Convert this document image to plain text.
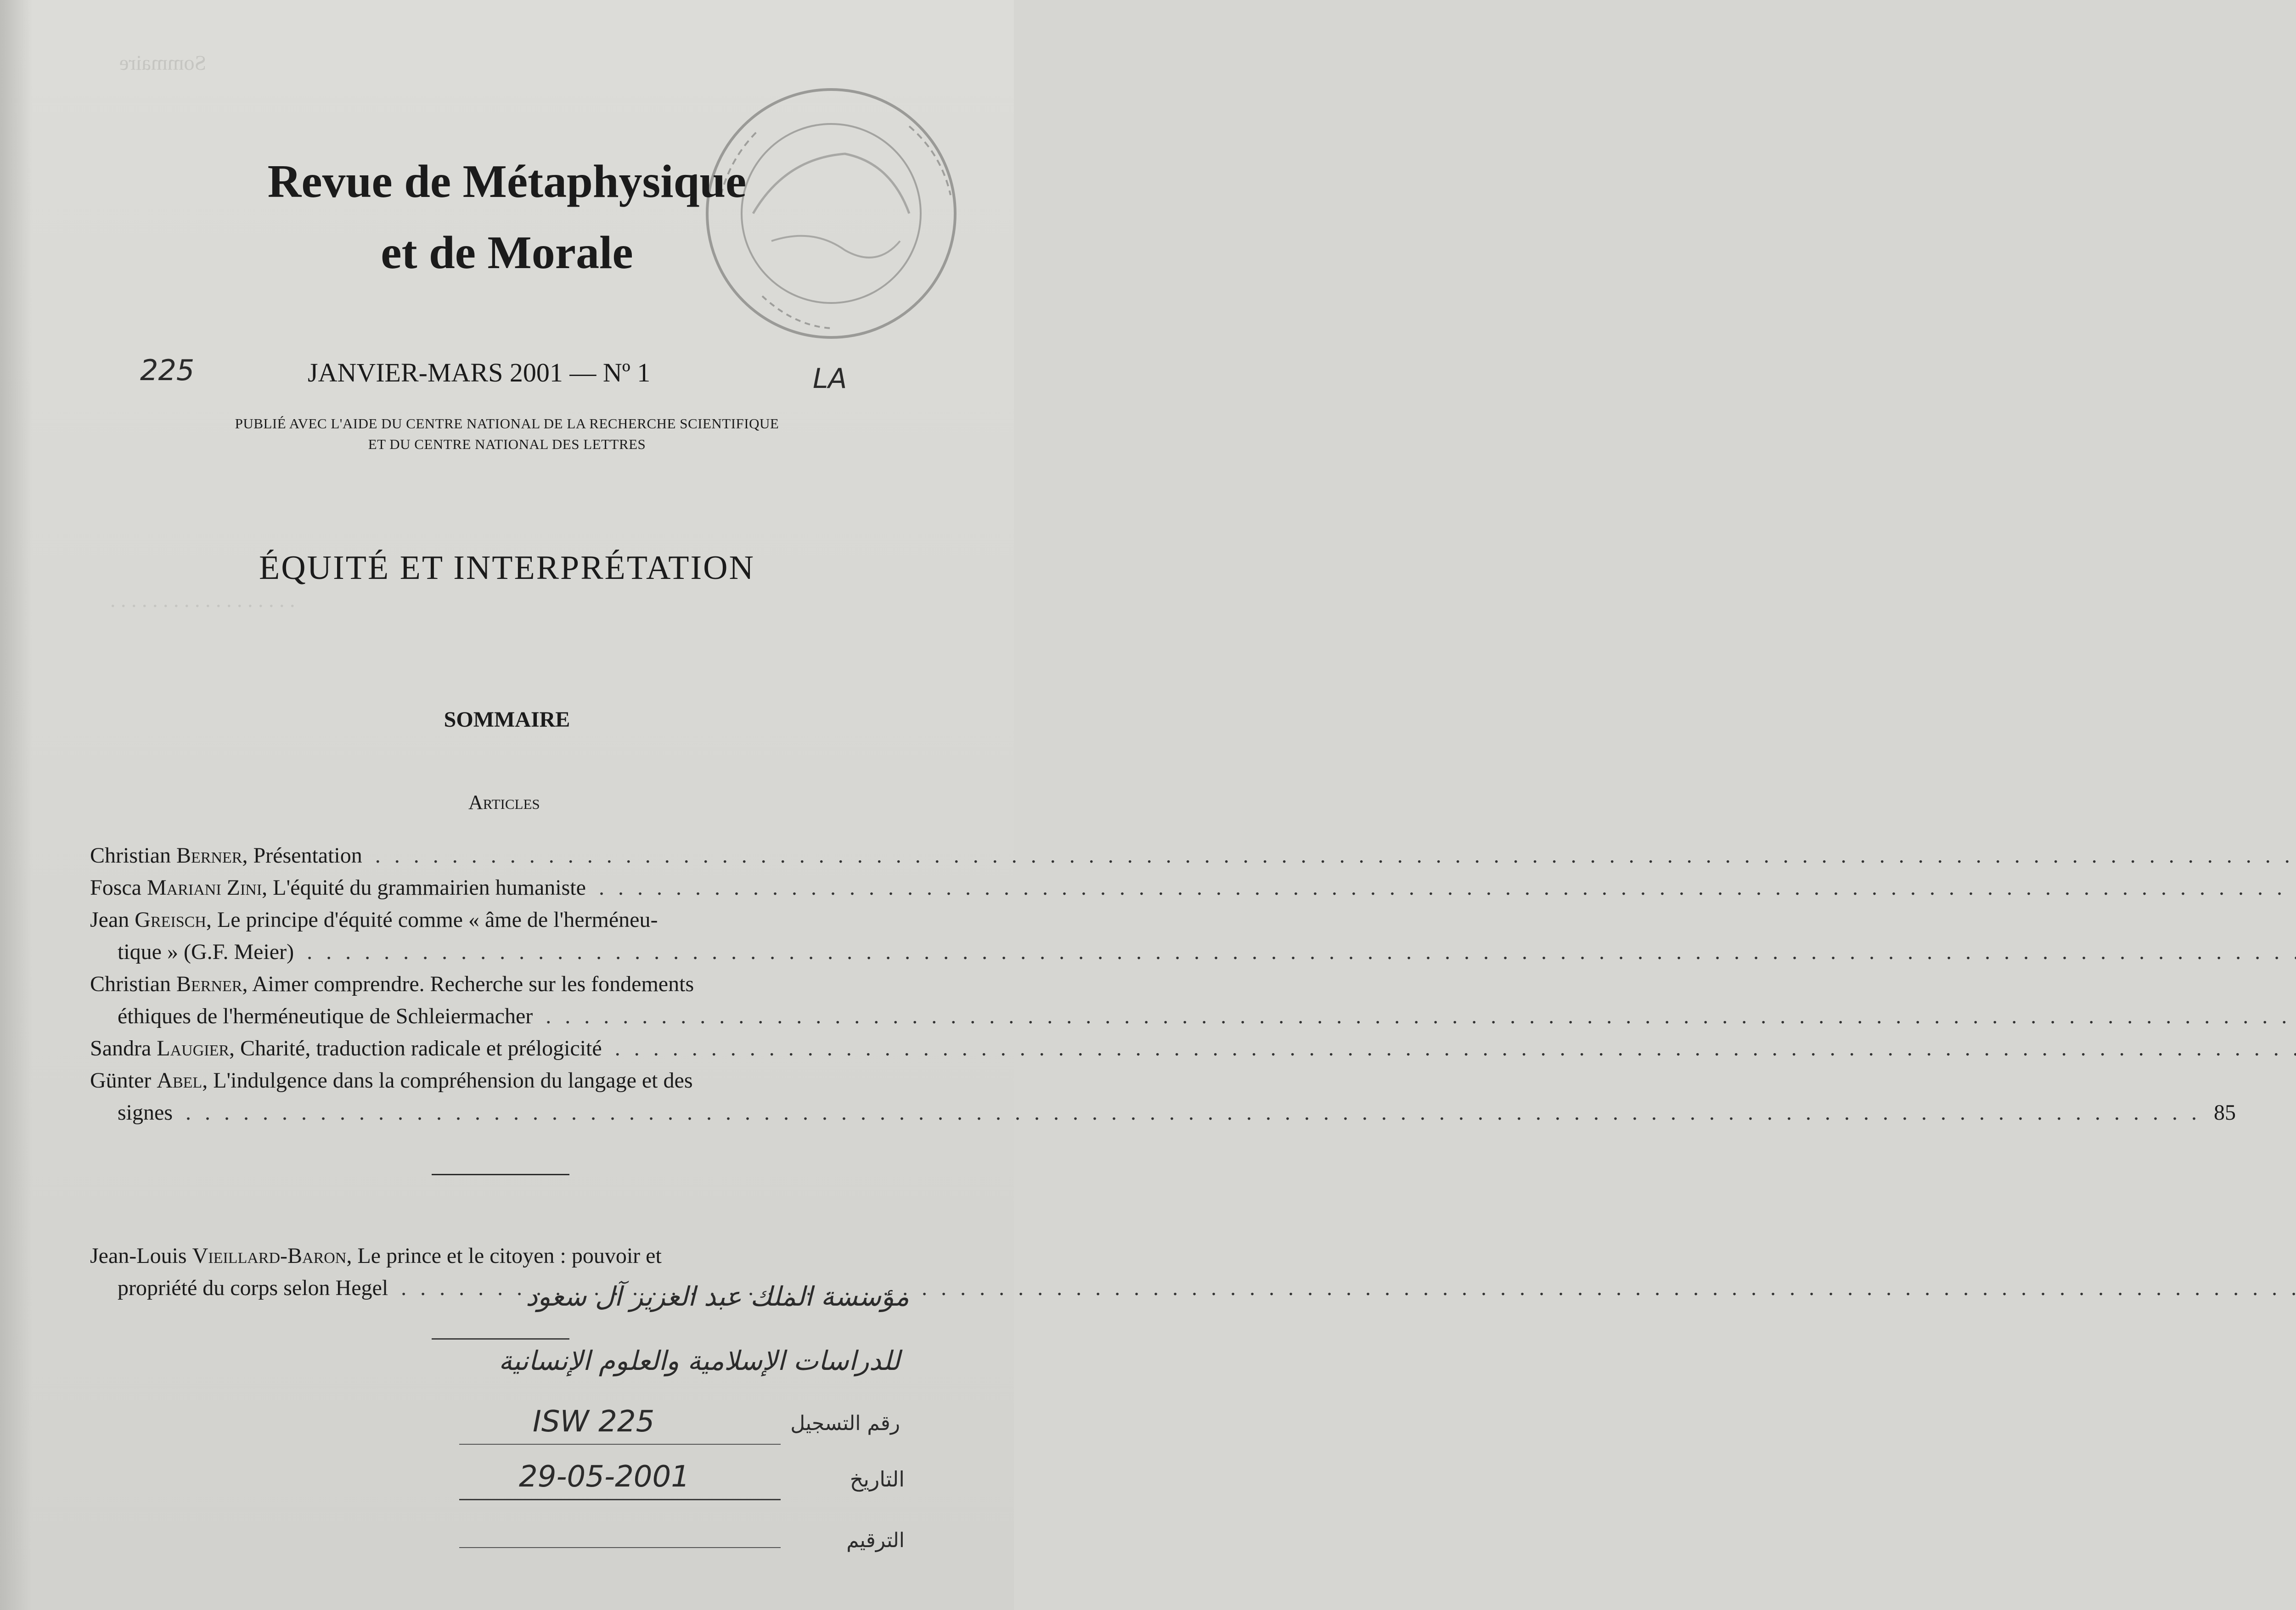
Sommaire
. . . . . . . . . . . . . . . . . .
Revue de Métaphysique
et de Morale
225	JANVIER-MARS 2001 — Nº 1	LA
PUBLIÉ AVEC L'AIDE DU CENTRE NATIONAL DE LA RECHERCHE SCIENTIFIQUE
ET DU CENTRE NATIONAL DES LETTRES
ÉQUITÉ ET INTERPRÉTATION
SOMMAIRE
Articles
Christian Berner, Présentation . . .
Fosca Mariani Zini, L'équité du grammairien humaniste . . .
Jean Greisch, Le principe d'équité comme « âme de l'herméneu-
tique » (G.F. Meier) . . .
Christian Berner, Aimer comprendre. Recherche sur les fondements
éthiques de l'herméneutique de Schleiermacher . . .
Sandra Laugier, Charité, traduction radicale et prélogicité . . .
Günter Abel, L'indulgence dans la compréhension du langage et des
signes . . .	85
Jean-Louis Vieillard-Baron, Le prince et le citoyen : pouvoir et
propriété du corps selon Hegel . . .	مؤسسة الملك عبد العزيز آل سعود
للدراسات الإسلامية والعلوم الإنسانية
رقم التسجيل
ISW 225
التاريخ
29-05-2001
الترقيم
